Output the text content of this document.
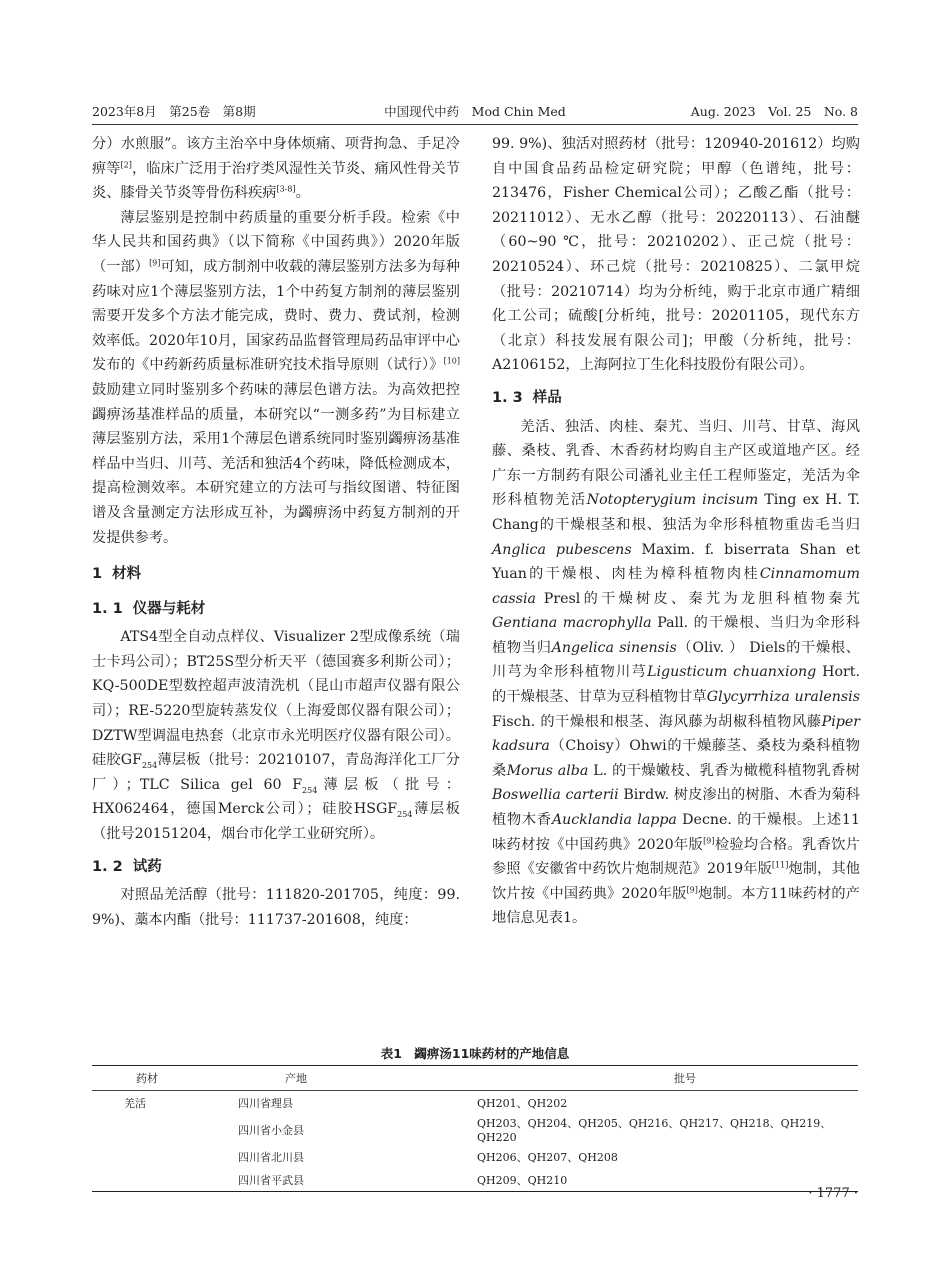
2023年8月　第25卷　第8期	中国现代中药　Mod Chin Med	Aug. 2023　Vol. 25　No. 8

分）水煎服”。该方主治卒中身体烦痛、项背拘急、手足冷痹等[2]，临床广泛用于治疗类风湿性关节炎、痛风性骨关节炎、膝骨关节炎等骨伤科疾病[3-8]。

薄层鉴别是控制中药质量的重要分析手段。检索《中华人民共和国药典》（以下简称《中国药典》）2020年版（一部）[9]可知，成方制剂中收载的薄层鉴别方法多为每种药味对应1个薄层鉴别方法，1个中药复方制剂的薄层鉴别需要开发多个方法才能完成，费时、费力、费试剂，检测效率低。2020年10月，国家药品监督管理局药品审评中心发布的《中药新药质量标准研究技术指导原则（试行）》[10]鼓励建立同时鉴别多个药味的薄层色谱方法。为高效把控蠲痹汤基准样品的质量，本研究以“一测多药”为目标建立薄层鉴别方法，采用1个薄层色谱系统同时鉴别蠲痹汤基准样品中当归、川芎、羌活和独活4个药味，降低检测成本，提高检测效率。本研究建立的方法可与指纹图谱、特征图谱及含量测定方法形成互补，为蠲痹汤中药复方制剂的开发提供参考。

1 材料
1. 1 仪器与耗材

ATS4型全自动点样仪、Visualizer 2型成像系统（瑞士卡玛公司）；BT25S型分析天平（德国赛多利斯公司）；KQ-500DE型数控超声波清洗机（昆山市超声仪器有限公司）；RE-5220型旋转蒸发仪（上海爱郎仪器有限公司）；DZTW型调温电热套（北京市永光明医疗仪器有限公司）。硅胶$GF_{254}$薄层板（批号：20210107，青岛海洋化工厂分厂）；TLC Silica gel 60 $F_{254}$薄层板（批号：HX062464，德国Merck公司）；硅胶$HSGF_{254}$薄层板（批号20151204，烟台市化学工业研究所）。

1. 2 试药

对照品羌活醇（批号：111820-201705，纯度：99. 9%)、藁本内酯（批号：111737-201608，纯度：

99. 9%)、独活对照药材（批号：120940-201612）均购自中国食品药品检定研究院；甲醇（色谱纯，批号：213476，Fisher Chemical公司）；乙酸乙酯（批号：20211012）、无水乙醇（批号：20220113）、石油醚（60~90 ℃，批号：20210202）、正己烷（批号：20210524）、环己烷（批号：20210825）、二氯甲烷（批号：20210714）均为分析纯，购于北京市通广精细化工公司；硫酸[分析纯，批号：20201105，现代东方（北京）科技发展有限公司]；甲酸（分析纯，批号：A2106152，上海阿拉丁生化科技股份有限公司）。

1. 3 样品

羌活、独活、肉桂、秦艽、当归、川芎、甘草、海风藤、桑枝、乳香、木香药材均购自主产区或道地产区。经广东一方制药有限公司潘礼业主任工程师鉴定，羌活为伞形科植物羌活Notopterygium incisum Ting ex H. T. Chang的干燥根茎和根、独活为伞形科植物重齿毛当归Anglica pubescens Maxim. f. biserrata Shan et Yuan的干燥根、肉桂为樟科植物肉桂Cinnamomum cassia Presl的干燥树皮、秦艽为龙胆科植物秦艽Gentiana macrophylla Pall. 的干燥根、当归为伞形科植物当归Angelica sinensis（Oliv. ） Diels的干燥根、川芎为伞形科植物川芎Ligusticum chuanxiong Hort. 的干燥根茎、甘草为豆科植物甘草Glycyrrhiza uralensis Fisch. 的干燥根和根茎、海风藤为胡椒科植物风藤Piper kadsura（Choisy）Ohwi的干燥藤茎、桑枝为桑科植物桑Morus alba L. 的干燥嫩枝、乳香为橄榄科植物乳香树Boswellia carterii Birdw. 树皮渗出的树脂、木香为菊科植物木香Aucklandia lappa Decne. 的干燥根。上述11味药材按《中国药典》2020年版[9]检验均合格。乳香饮片参照《安徽省中药饮片炮制规范》2019年版[11]炮制，其他饮片按《中国药典》2020年版[9]炮制。本方11味药材的产地信息见表1。

表1　蠲痹汤11味药材的产地信息
药材	产地	批号
羌活	四川省理县	QH201、QH202
	四川省小金县	QH203、QH204、QH205、QH216、QH217、QH218、QH219、QH220
	四川省北川县	QH206、QH207、QH208
	四川省平武县	QH209、QH210
· 1777 ·
